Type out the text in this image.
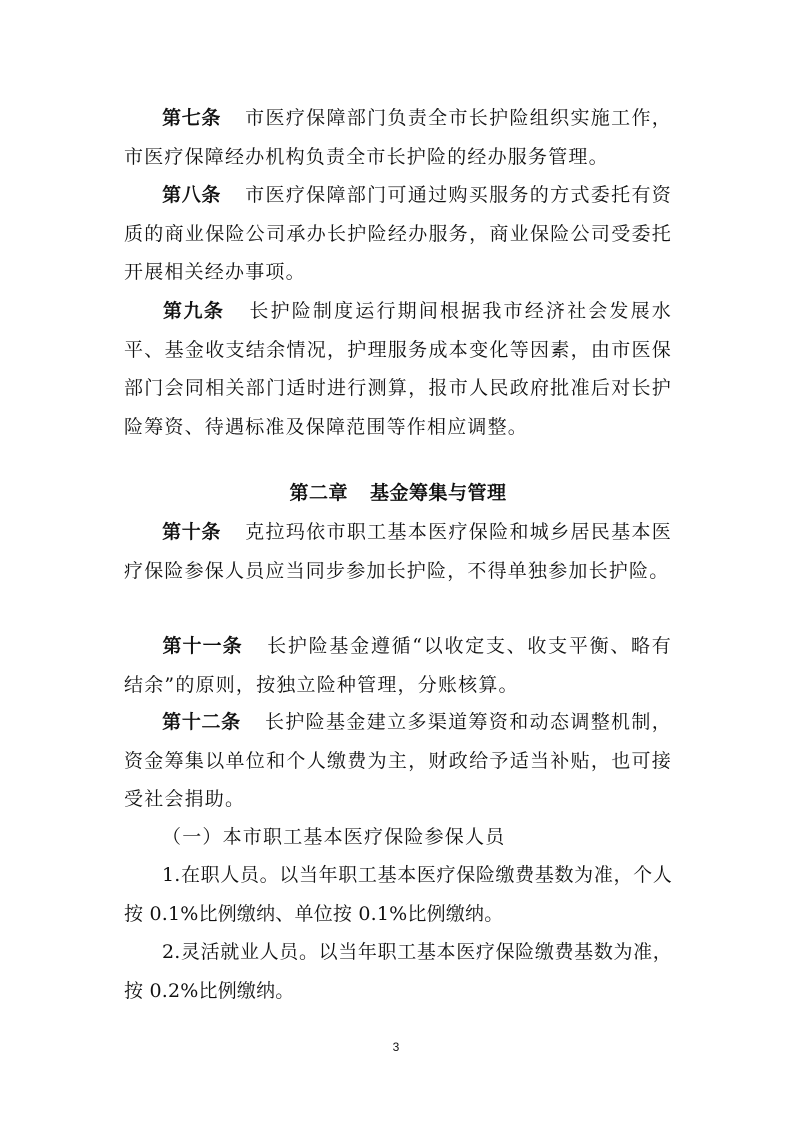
第七条 市医疗保障部门负责全市长护险组织实施工作，市医疗保障经办机构负责全市长护险的经办服务管理。

第八条 市医疗保障部门可通过购买服务的方式委托有资质的商业保险公司承办长护险经办服务，商业保险公司受委托开展相关经办事项。

第九条 长护险制度运行期间根据我市经济社会发展水平、基金收支结余情况，护理服务成本变化等因素，由市医保部门会同相关部门适时进行测算，报市人民政府批准后对长护险筹资、待遇标准及保障范围等作相应调整。

第二章 基金筹集与管理

第十条 克拉玛依市职工基本医疗保险和城乡居民基本医疗保险参保人员应当同步参加长护险，不得单独参加长护险。

第十一条 长护险基金遵循“以收定支、收支平衡、略有结余”的原则，按独立险种管理，分账核算。

第十二条 长护险基金建立多渠道筹资和动态调整机制，资金筹集以单位和个人缴费为主，财政给予适当补贴，也可接受社会捐助。

（一）本市职工基本医疗保险参保人员

1.在职人员。以当年职工基本医疗保险缴费基数为准，个人按 0.1%比例缴纳、单位按 0.1%比例缴纳。

2.灵活就业人员。以当年职工基本医疗保险缴费基数为准，按 0.2%比例缴纳。

3
